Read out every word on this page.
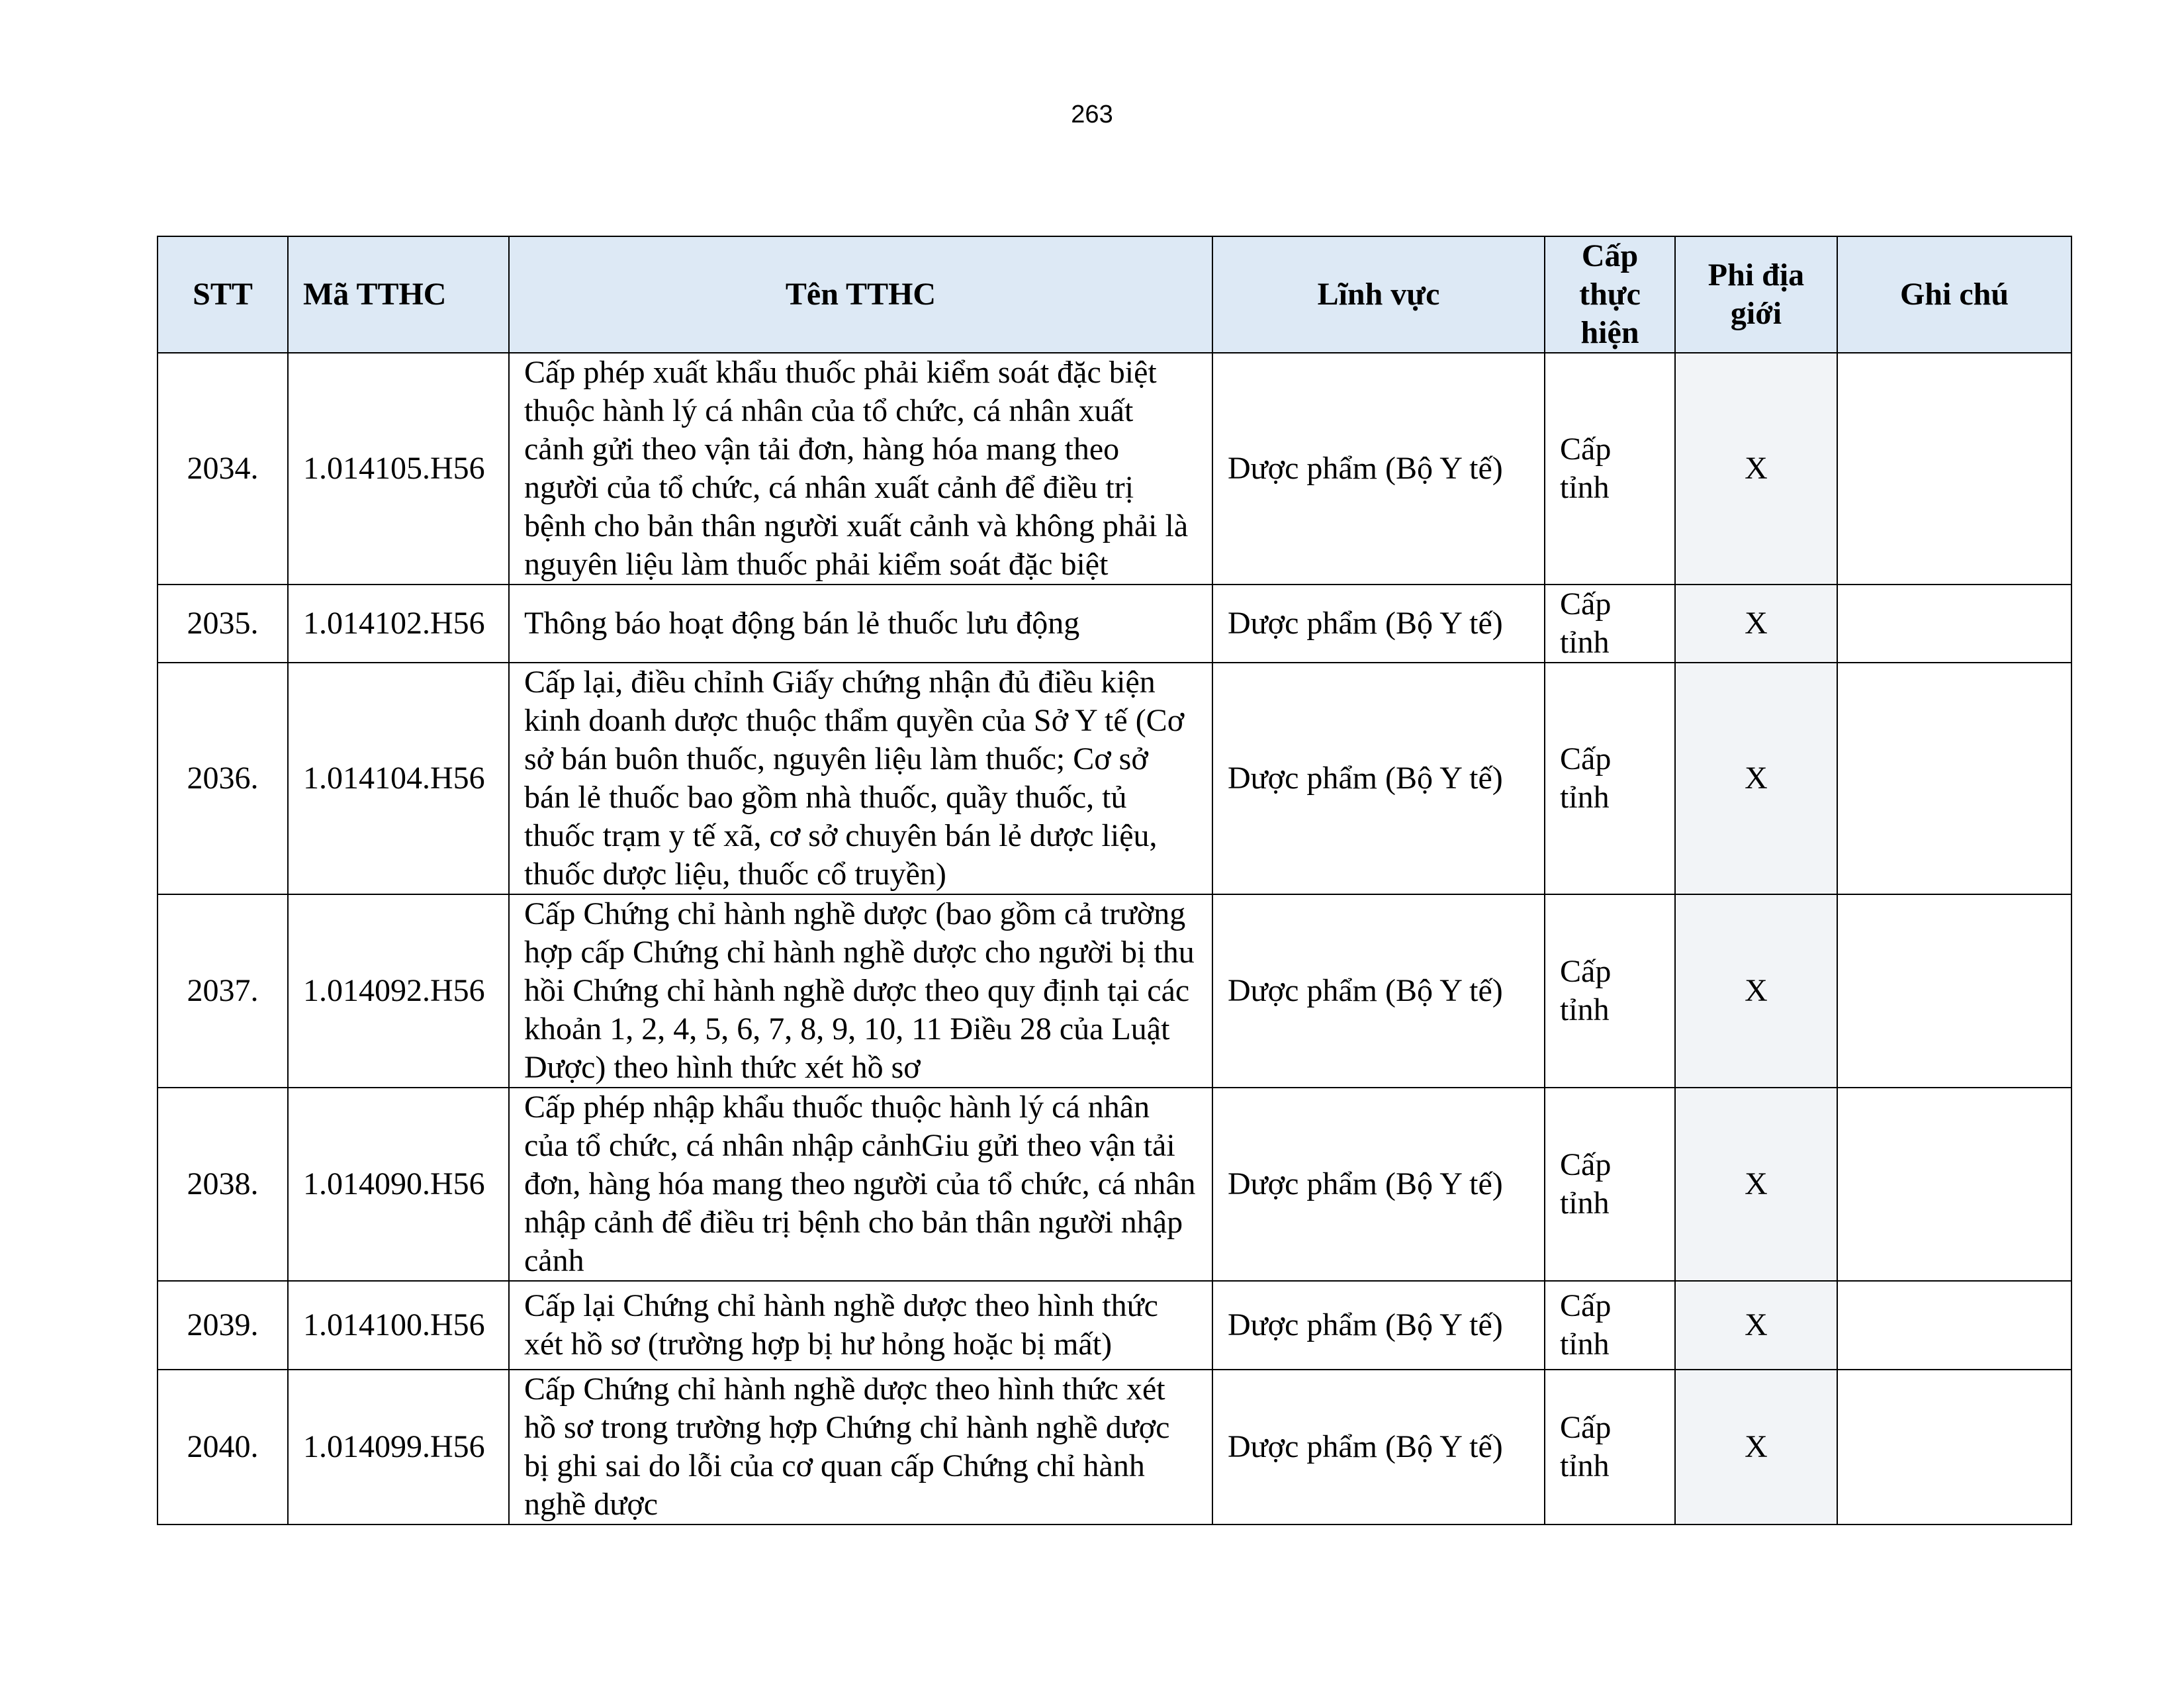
263
STT	Mã TTHC	Tên TTHC	Lĩnh vực	Cấp thực hiện	Phi địa giới	Ghi chú
2034.	1.014105.H56	Cấp phép xuất khẩu thuốc phải kiểm soát đặc biệt thuộc hành lý cá nhân của tổ chức, cá nhân xuất cảnh gửi theo vận tải đơn, hàng hóa mang theo người của tổ chức, cá nhân xuất cảnh để điều trị bệnh cho bản thân người xuất cảnh và không phải là nguyên liệu làm thuốc phải kiểm soát đặc biệt	Dược phẩm (Bộ Y tế)	Cấp tỉnh	X	
2035.	1.014102.H56	Thông báo hoạt động bán lẻ thuốc lưu động	Dược phẩm (Bộ Y tế)	Cấp tỉnh	X	
2036.	1.014104.H56	Cấp lại, điều chỉnh Giấy chứng nhận đủ điều kiện kinh doanh dược thuộc thẩm quyền của Sở Y tế (Cơ sở bán buôn thuốc, nguyên liệu làm thuốc; Cơ sở bán lẻ thuốc bao gồm nhà thuốc, quầy thuốc, tủ thuốc trạm y tế xã, cơ sở chuyên bán lẻ dược liệu, thuốc dược liệu, thuốc cổ truyền)	Dược phẩm (Bộ Y tế)	Cấp tỉnh	X	
2037.	1.014092.H56	Cấp Chứng chỉ hành nghề dược (bao gồm cả trường hợp cấp Chứng chỉ hành nghề dược cho người bị thu hồi Chứng chỉ hành nghề dược theo quy định tại các khoản 1, 2, 4, 5, 6, 7, 8, 9, 10, 11 Điều 28 của Luật Dược) theo hình thức xét hồ sơ	Dược phẩm (Bộ Y tế)	Cấp tỉnh	X	
2038.	1.014090.H56	Cấp phép nhập khẩu thuốc thuộc hành lý cá nhân của tổ chức, cá nhân nhập cảnhGiu gửi theo vận tải đơn, hàng hóa mang theo người của tổ chức, cá nhân nhập cảnh để điều trị bệnh cho bản thân người nhập cảnh	Dược phẩm (Bộ Y tế)	Cấp tỉnh	X	
2039.	1.014100.H56	Cấp lại Chứng chỉ hành nghề dược theo hình thức xét hồ sơ (trường hợp bị hư hỏng hoặc bị mất)	Dược phẩm (Bộ Y tế)	Cấp tỉnh	X	
2040.	1.014099.H56	Cấp Chứng chỉ hành nghề dược theo hình thức xét hồ sơ trong trường hợp Chứng chỉ hành nghề dược bị ghi sai do lỗi của cơ quan cấp Chứng chỉ hành nghề dược	Dược phẩm (Bộ Y tế)	Cấp tỉnh	X	
